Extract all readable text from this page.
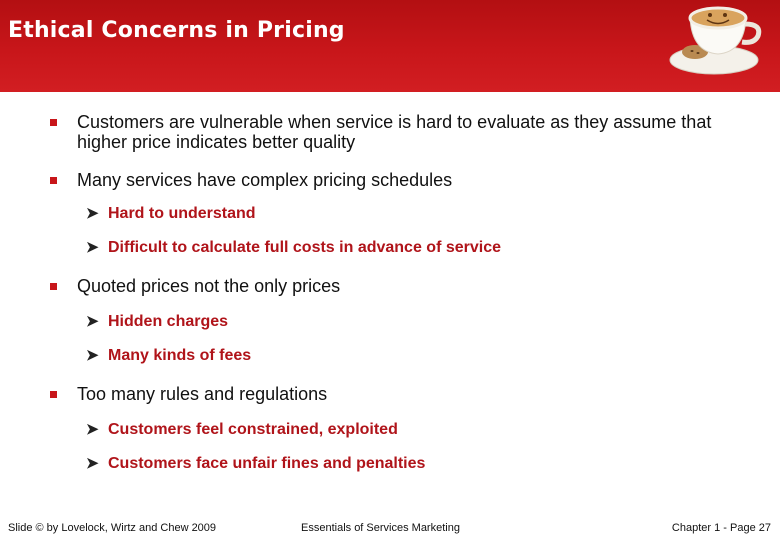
Ethical Concerns in Pricing
Customers are vulnerable when service is hard to evaluate as they assume that higher price indicates better quality
Many services have complex pricing schedules
➤ Hard to understand
➤ Difficult to calculate full costs in advance of service
Quoted prices not the only prices
➤ Hidden charges
➤ Many kinds of fees
Too many rules and regulations
➤ Customers feel constrained, exploited
➤ Customers face unfair fines and penalties
Slide © by Lovelock, Wirtz and Chew 2009	Essentials of Services Marketing	Chapter 1 - Page 27
